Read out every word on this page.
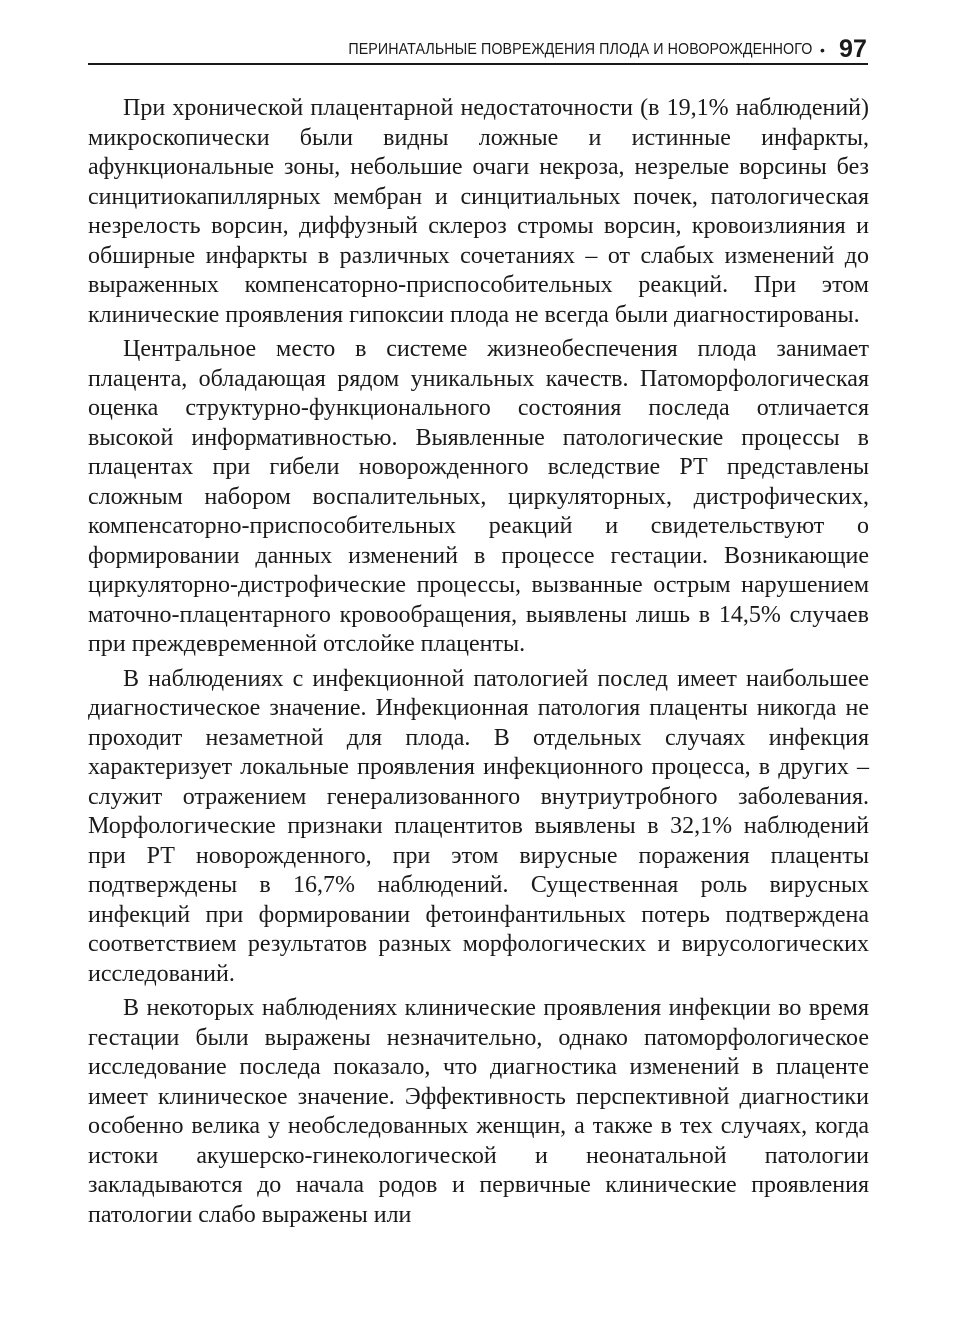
ПЕРИНАТАЛЬНЫЕ ПОВРЕЖДЕНИЯ ПЛОДА И НОВОРОЖДЕННОГО • 97

При хронической плацентарной недостаточности (в 19,1% наблюдений) микроскопически были видны ложные и истинные инфаркты, афункциональные зоны, небольшие очаги некроза, незрелые ворсины без синцитиокапиллярных мембран и синцитиальных почек, патологическая незрелость ворсин, диффузный склероз стромы ворсин, кровоизлияния и обширные инфаркты в различных сочетаниях – от слабых изменений до выраженных компенсаторно-приспособительных реакций. При этом клинические проявления гипоксии плода не всегда были диагностированы.

Центральное место в системе жизнеобеспечения плода занимает плацента, обладающая рядом уникальных качеств. Патоморфологическая оценка структурно-функционального состояния последа отличается высокой информативностью. Выявленные патологические процессы в плацентах при гибели новорожденного вследствие РТ представлены сложным набором воспалительных, циркуляторных, дистрофических, компенсаторно-приспособительных реакций и свидетельствуют о формировании данных изменений в процессе гестации. Возникающие циркуляторно-дистрофические процессы, вызванные острым нарушением маточно-плацентарного кровообращения, выявлены лишь в 14,5% случаев при преждевременной отслойке плаценты.

В наблюдениях с инфекционной патологией послед имеет наибольшее диагностическое значение. Инфекционная патология плаценты никогда не проходит незаметной для плода. В отдельных случаях инфекция характеризует локальные проявления инфекционного процесса, в других – служит отражением генерализованного внутриутробного заболевания. Морфологические признаки плацентитов выявлены в 32,1% наблюдений при РТ новорожденного, при этом вирусные поражения плаценты подтверждены в 16,7% наблюдений. Существенная роль вирусных инфекций при формировании фетоинфантильных потерь подтверждена соответствием результатов разных морфологических и вирусологических исследований.

В некоторых наблюдениях клинические проявления инфекции во время гестации были выражены незначительно, однако патоморфологическое исследование последа показало, что диагностика изменений в плаценте имеет клиническое значение. Эффективность перспективной диагностики особенно велика у необследованных женщин, а также в тех случаях, когда истоки акушерско-гинекологической и неонатальной патологии закладываются до начала родов и первичные клинические проявления патологии слабо выражены или
